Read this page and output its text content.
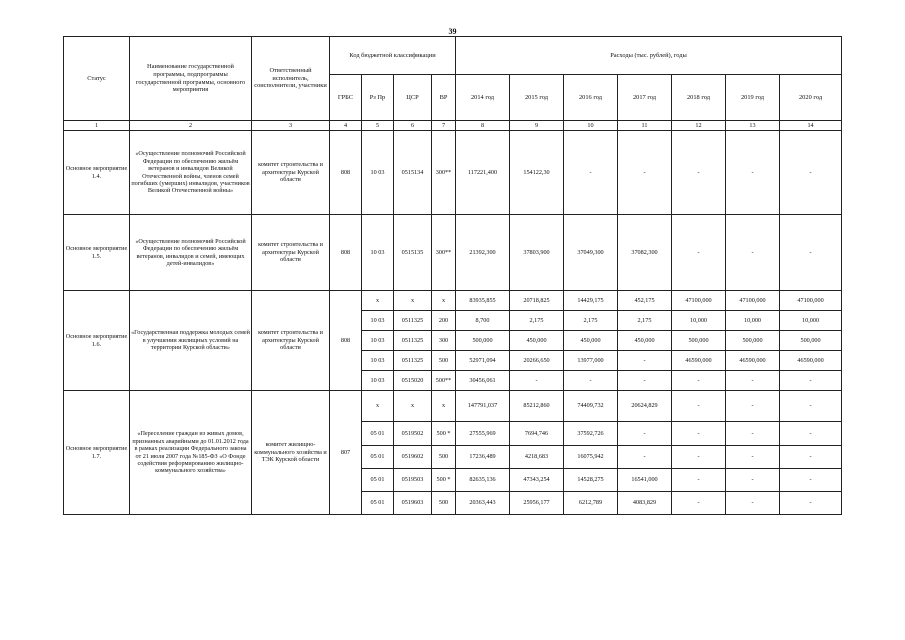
39
Статус	Наименование государственной программы, подпрограммы государственной программы, основного мероприятия	Ответственный исполнитель, соисполнители, участники	Код бюджетной классификации				Расходы (тыс. рублей), годы						
			ГРБС	Рз Пр	ЦСР	ВР	2014 год	2015 год	2016 год	2017 год	2018 год	2019 год	2020 год
1	2	3	4	5	6	7	8	9	10	11	12	13	14
Основное мероприятие 1.4.	«Осуществление полномочий Российской Федерации по обеспечению жильём ветеранов и инвалидов Великой Отечественной войны, членов семей погибших (умерших) инвалидов, участников Великой Отечественной войны»	комитет строительства и архитектуры Курской области	808	10 03	0515134	300**	117221,400	154122,30	-	-	-	-	-
Основное мероприятие 1.5.	«Осуществление полномочий Российской Федерации по обеспечению жильём ветеранов, инвалидов и семей, имеющих детей-инвалидов»	комитет строительства и архитектуры Курской области	808	10 03	0515135	300**	21392,300	37803,900	37049,300	37082,300	-	-	-
Основное мероприятие 1.6.	«Государственная поддержка молодых семей в улучшении жилищных условий на территории Курской области»	комитет строительства и архитектуры Курской области	808	х	х	х	83935,855	20718,825	14429,175	452,175	47100,000	47100,000	47100,000
				10 03	0511325	200	8,700	2,175	2,175	2,175	10,000	10,000	10,000
				10 03	0511325	300	500,000	450,000	450,000	450,000	500,000	500,000	500,000
				10 03	0511325	500	52971,094	20266,650	13977,000	-	46590,000	46590,000	46590,000
				10 03	0515020	500**	30456,061	-	-	-	-	-	-
Основное мероприятие 1.7.	«Переселение граждан из живых домов, признанных аварийными до 01.01.2012 года в рамках реализации Федерального закона от 21 июля 2007 года №185-ФЗ «О Фонде содействия реформированию жилищно-коммунального хозяйства»	комитет жилищно-коммунального хозяйства и ТЭК Курской области	807	х	х	х	147791,037	85212,860	74409,732	20624,829	-	-	-
				05 01	0519502	500 *	27555,969	7694,746	37592,726	-	-	-	-
				05 01	0519602	500	17236,489	4218,683	16075,942	-	-	-	-
				05 01	0519503	500 *	82635,136	47343,254	14528,275	16541,000	-	-	-
				05 01	0519603	500	20363,443	25956,177	6212,789	4083,829	-	-	-
